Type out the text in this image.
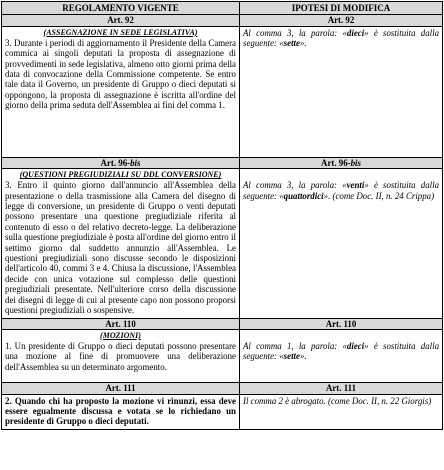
REGOLAMENTO VIGENTE	IPOTESI DI MODIFICA
Art. 92	Art. 92

(ASSEGNAZIONE IN SEDE LEGISLATIVA)
3. Durante i periodi di aggiornamento il Presidente della Camera commica ai singoli deputati la proposta di assegnazione di provvedimenti in sede legislativa, almeno otto giorni prima della data di convocazione della Commissione competente. Se entro tale data il Governo, un presidente di Gruppo o dieci deputati si oppongono, la proposta di assegnazione è iscritta all'ordine del giorno della prima seduta dell'Assemblea ai fini del comma 1.	Al comma 3, la parola: «dieci» è sostituita dalla seguente: «sette».

Art. 96-bis	Art. 96-bis

(QUESTIONI PREGIUDIZIALI SU DDL CONVERSIONE)
3. Entro il quinto giorno dall'annuncio all'Assemblea della presentazione o della trasmissione alla Camera del disegno di legge di conversione, un presidente di Gruppo o venti deputati possono presentare una questione pregiudiziale riferita al contenuto di esso o del relativo decreto-legge. La deliberazione sulla questione pregiudiziale è posta all'ordine del giorno entro il settimo giorno dal suddetto annunzio all'Assemblea. Le questioni pregiudiziali sono discusse secondo le disposizioni dell'articolo 40, commi 3 e 4. Chiusa la discussione, l'Assemblea decide con unica votazione sul complesso delle questioni pregiudiziali presentate. Nell'ulteriore corso della discussione dei disegni di legge di cui al presente capo non possono proporsi questioni pregiudiziali o sospensive.	Al comma 3, la parola: «venti» è sostituita dalla seguente: «quattordici». (come Doc. II, n. 24 Crippa)

Art. 110	Art. 110

(MOZIONI)
1. Un presidente di Gruppo o dieci deputati possono presentare una mozione al fine di promuovere una deliberazione dell'Assemblea su un determinato argomento.	Al comma 1, la parola: «dieci» è sostituita dalla seguente: «sette».

Art. 111	Art. 111

2. Quando chi ha proposto la mozione vi rinunzi, essa deve essere egualmente discussa e votata se lo richiedano un presidente di Gruppo o dieci deputati.	Il comma 2 è abrogato. (come Doc. II, n. 22 Giorgis)
